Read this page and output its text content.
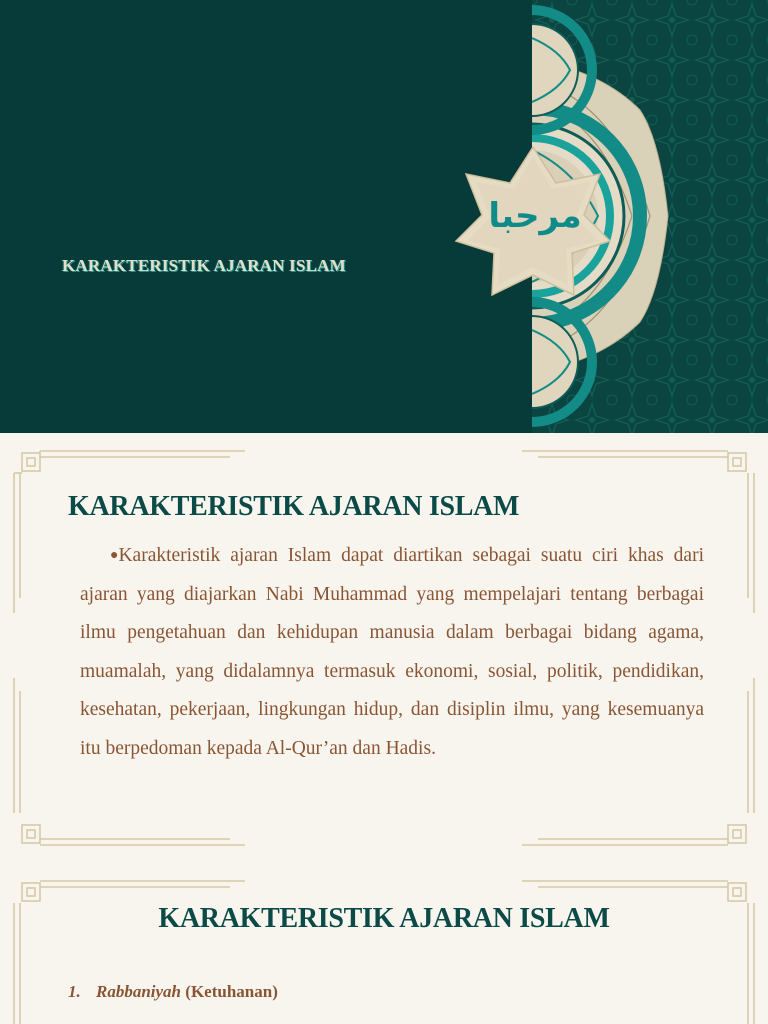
مرحبا
KARAKTERISTIK AJARAN ISLAM
KARAKTERISTIK AJARAN ISLAM
●Karakteristik ajaran Islam dapat diartikan sebagai suatu ciri khas dari ajaran yang diajarkan Nabi Muhammad yang mempelajari tentang berbagai ilmu pengetahuan dan kehidupan manusia dalam berbagai bidang agama, muamalah, yang didalamnya termasuk ekonomi, sosial, politik, pendidikan, kesehatan, pekerjaan, lingkungan hidup, dan disiplin ilmu, yang kesemuanya itu berpedoman kepada Al-Qur’an dan Hadis.
KARAKTERISTIK AJARAN ISLAM
1. Rabbaniyah (Ketuhanan)
